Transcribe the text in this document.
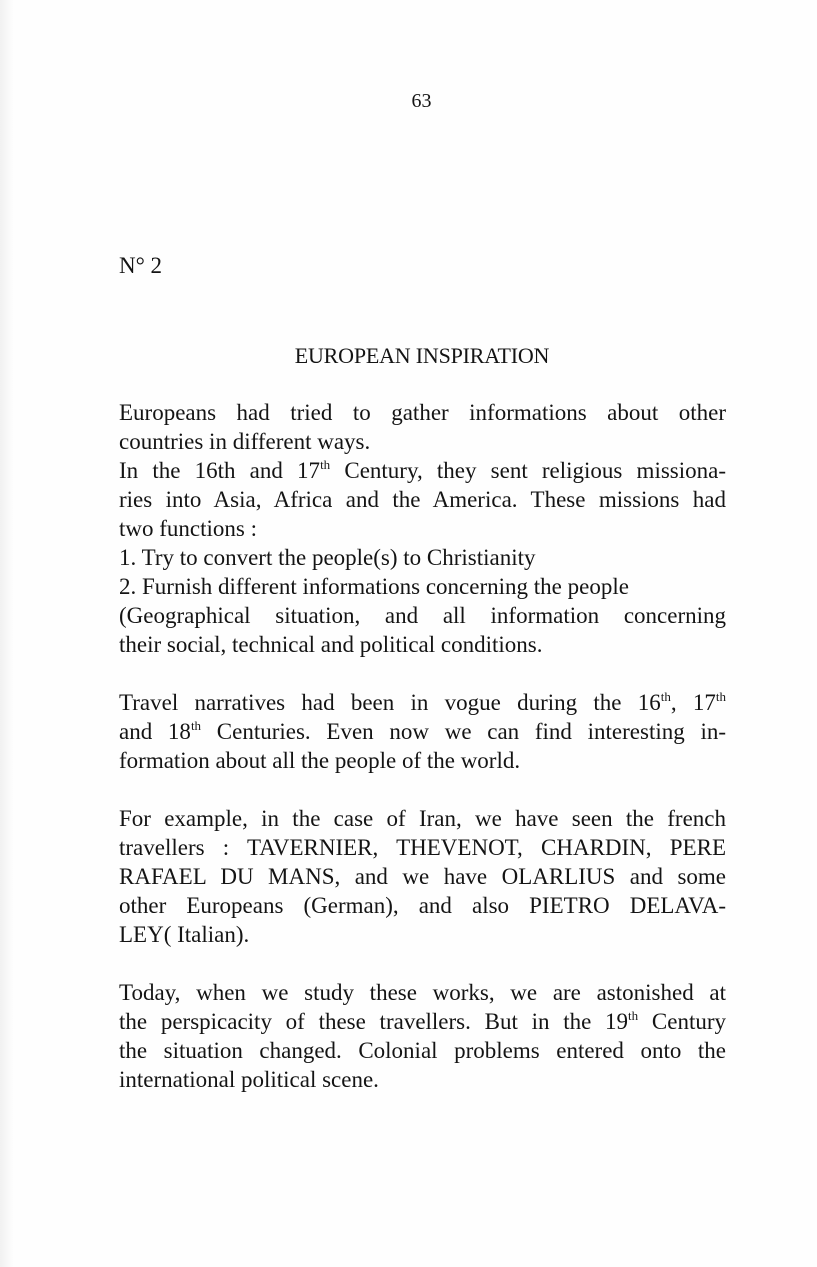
63
N° 2
EUROPEAN INSPIRATION
Europeans had tried to gather informations about other
countries in different ways.
In the 16th and 17th Century, they sent religious missiona-
ries into Asia, Africa and the America. These missions had
two functions :
1. Try to convert the people(s) to Christianity
2. Furnish different informations concerning the people
(Geographical situation, and all information concerning
their social, technical and political conditions.
Travel narratives had been in vogue during the 16th, 17th
and 18th Centuries. Even now we can find interesting in-
formation about all the people of the world.
For example, in the case of Iran, we have seen the french
travellers : TAVERNIER, THEVENOT, CHARDIN, PERE
RAFAEL DU MANS, and we have OLARLIUS and some
other Europeans (German), and also PIETRO DELAVA-
LEY( Italian).
Today, when we study these works, we are astonished at
the perspicacity of these travellers. But in the 19th Century
the situation changed. Colonial problems entered onto the
international political scene.
